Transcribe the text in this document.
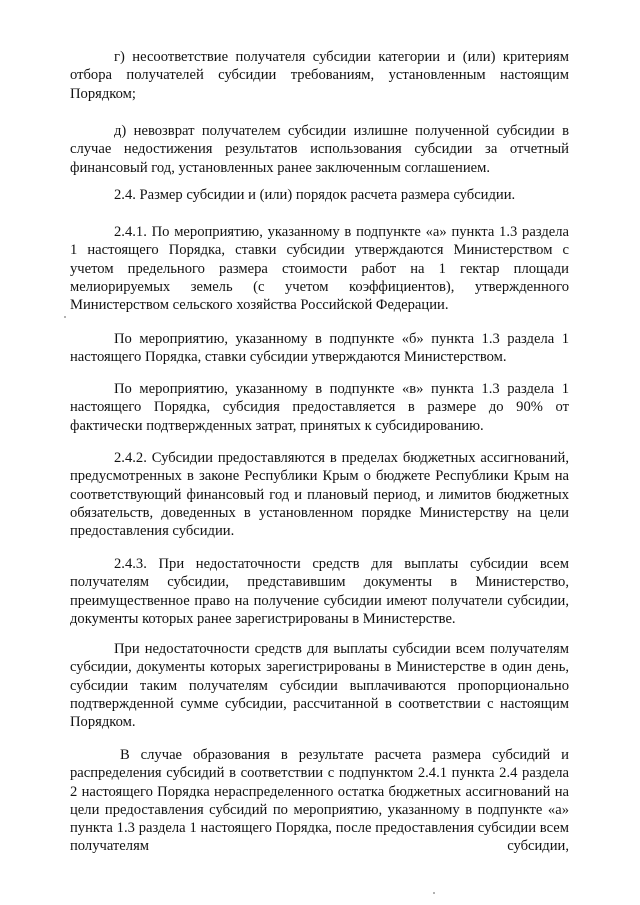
г) несоответствие получателя субсидии категории и (или) критериям отбора получателей субсидии требованиям, установленным настоящим Порядком;

д) невозврат получателем субсидии излишне полученной субсидии в случае недостижения результатов использования субсидии за отчетный финансовый год, установленных ранее заключенным соглашением.

2.4. Размер субсидии и (или) порядок расчета размера субсидии.

2.4.1. По мероприятию, указанному в подпункте «а» пункта 1.3 раздела 1 настоящего Порядка, ставки субсидии утверждаются Министерством с учетом предельного размера стоимости работ на 1 гектар площади мелиорируемых земель (с учетом коэффициентов), утвержденного Министерством сельского хозяйства Российской Федерации.

По мероприятию, указанному в подпункте «б» пункта 1.3 раздела 1 настоящего Порядка, ставки субсидии утверждаются Министерством.

По мероприятию, указанному в подпункте «в» пункта 1.3 раздела 1 настоящего Порядка, субсидия предоставляется в размере до 90% от фактически подтвержденных затрат, принятых к субсидированию.

2.4.2. Субсидии предоставляются в пределах бюджетных ассигнований, предусмотренных в законе Республики Крым о бюджете Республики Крым на соответствующий финансовый год и плановый период, и лимитов бюджетных обязательств, доведенных в установленном порядке Министерству на цели предоставления субсидии.

2.4.3. При недостаточности средств для выплаты субсидии всем получателям субсидии, представившим документы в Министерство, преимущественное право на получение субсидии имеют получатели субсидии, документы которых ранее зарегистрированы в Министерстве.

При недостаточности средств для выплаты субсидии всем получателям субсидии, документы которых зарегистрированы в Министерстве в один день, субсидии таким получателям субсидии выплачиваются пропорционально подтвержденной сумме субсидии, рассчитанной в соответствии с настоящим Порядком.

В случае образования в результате расчета размера субсидий и распределения субсидий в соответствии с подпунктом 2.4.1 пункта 2.4 раздела 2 настоящего Порядка нераспределенного остатка бюджетных ассигнований на цели предоставления субсидий по мероприятию, указанному в подпункте «а» пункта 1.3 раздела 1 настоящего Порядка, после предоставления субсидии всем получателям субсидии,
